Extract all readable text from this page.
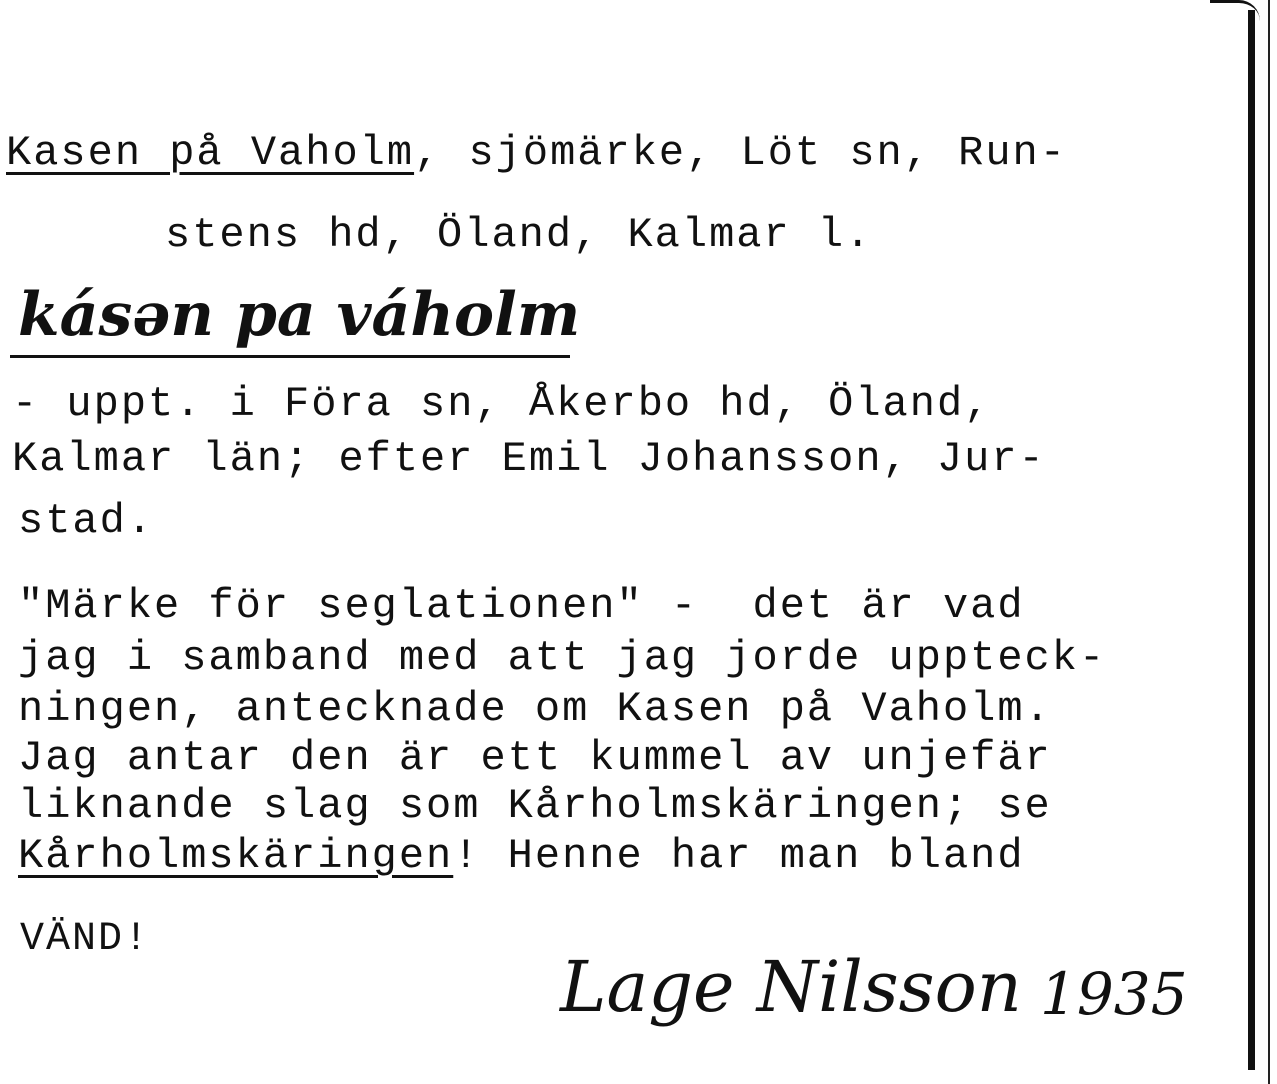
Kasen på Vaholm, sjömärke, Löt sn, Run-
stens hd, Öland, Kalmar l.
kásǝn pa váholm
- uppt. i Föra sn, Åkerbo hd, Öland,
Kalmar län; efter Emil Johansson, Jur-
stad.
"Märke för seglationen" -  det är vad
jag i samband med att jag jorde uppteck-
ningen, antecknade om Kasen på Vaholm.
Jag antar den är ett kummel av unjefär
liknande slag som Kårholmskäringen; se
Kårholmskäringen! Henne har man bland
VÄND!
Lage Nilsson 1935
